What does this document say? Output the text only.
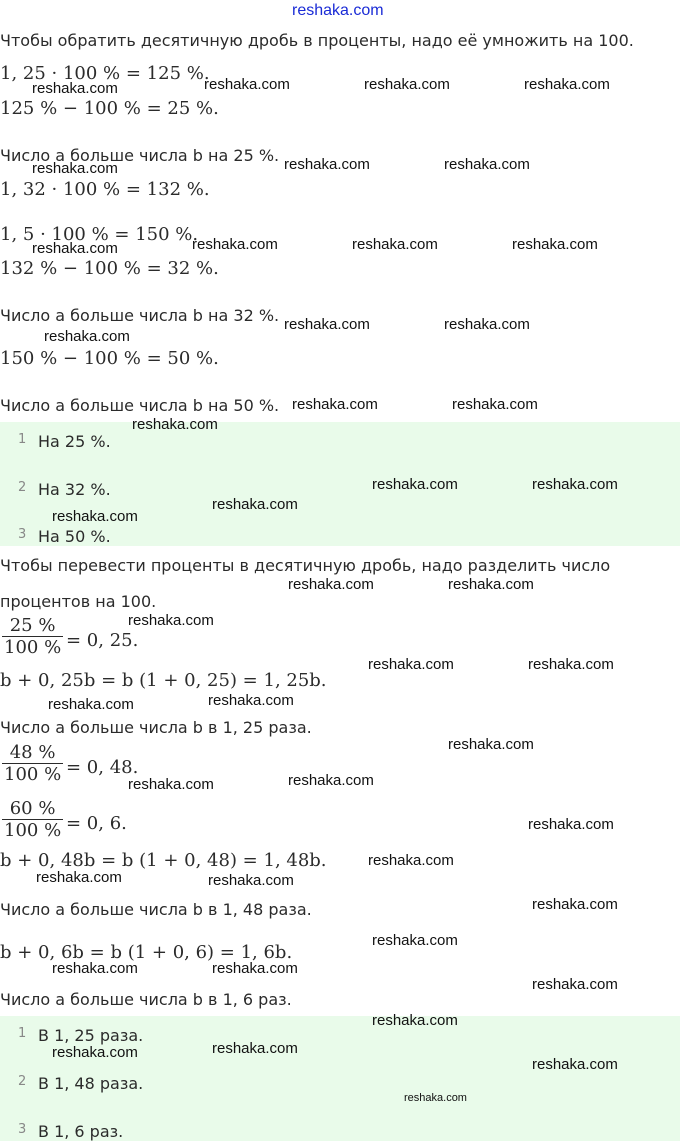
reshaka.com
Чтобы обратить десятичную дробь в проценты, надо её умножить на 100.
1, 25 · 100 % = 125 %.
125 % − 100 % = 25 %.
Число a больше числа b на 25 %.
1, 32 · 100 % = 132 %.
1, 5 · 100 % = 150 %.
132 % − 100 % = 32 %.
Число a больше числа b на 32 %.
150 % − 100 % = 50 %.
Число a больше числа b на 50 %.
1 На 25 %.
2 На 32 %.
3 На 50 %.
Чтобы перевести проценты в десятичную дробь, надо разделить число
процентов на 100.
$\frac{25 \%}{100 \%} = 0$, 25.
b + 0, 25b = b (1 + 0, 25) = 1, 25b.
Число a больше числа b в 1, 25 раза.
$\frac{48 \%}{100 \%} = 0$, 48.
$\frac{60 \%}{100 \%} = 0$, 6.
b + 0, 48b = b (1 + 0, 48) = 1, 48b.
Число a больше числа b в 1, 48 раза.
b + 0, 6b = b (1 + 0, 6) = 1, 6b.
Число a больше числа b в 1, 6 раз.
1 В 1, 25 раза.
2 В 1, 48 раза.
3 В 1, 6 раз.
reshaka.com	reshaka.com	reshaka.com	reshaka.com
reshaka.com	reshaka.com	reshaka.com
reshaka.com	reshaka.com	reshaka.com	reshaka.com
reshaka.com	reshaka.com
reshaka.com
reshaka.com	reshaka.com
reshaka.com
reshaka.com	reshaka.com
reshaka.com
reshaka.com
reshaka.com	reshaka.com
reshaka.com
reshaka.com	reshaka.com
reshaka.com
reshaka.com
reshaka.com
reshaka.com
reshaka.com
reshaka.com
reshaka.com
reshaka.com	reshaka.com
reshaka.com
reshaka.com
reshaka.com	reshaka.com
reshaka.com
reshaka.com
reshaka.com
reshaka.com
reshaka.com
reshaka.com
